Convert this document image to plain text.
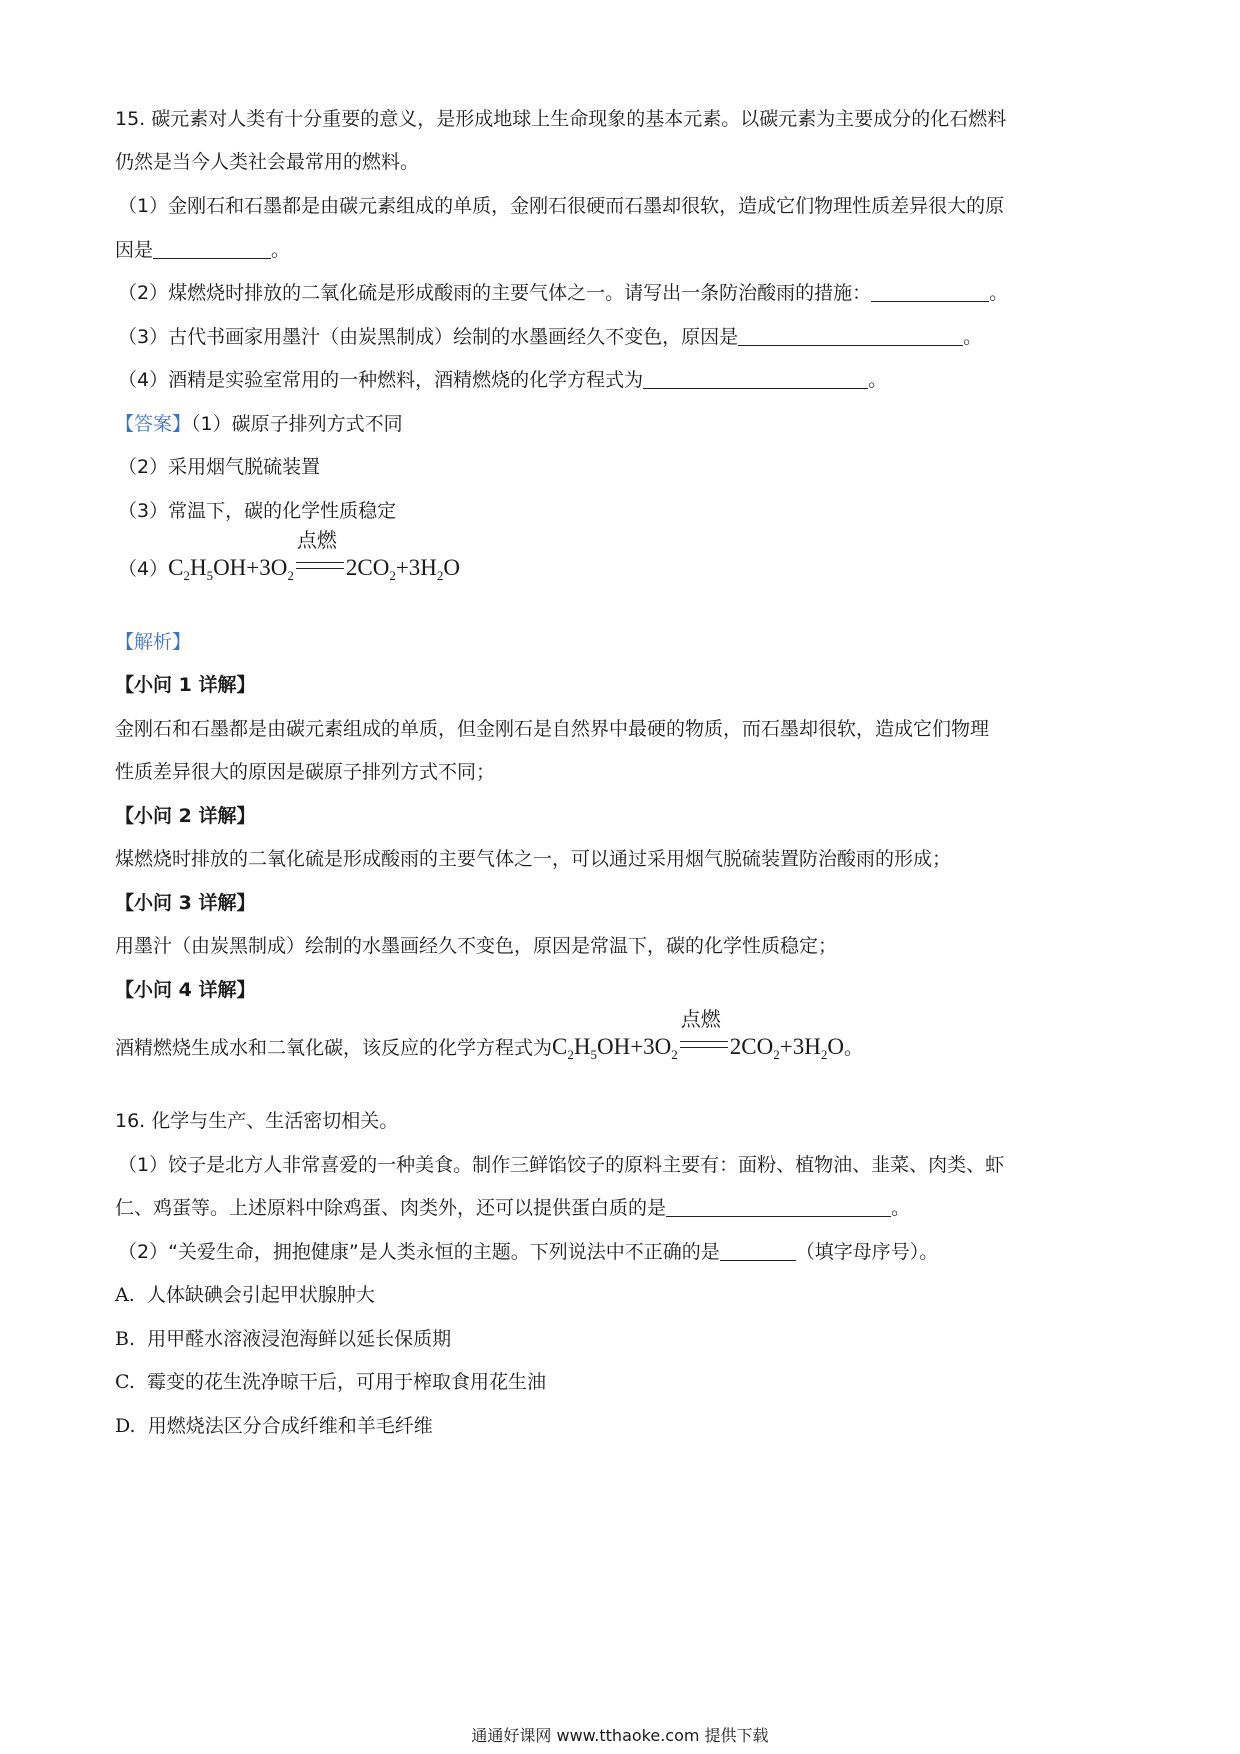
15. 碳元素对人类有十分重要的意义，是形成地球上生命现象的基本元素。以碳元素为主要成分的化石燃料
仍然是当今人类社会最常用的燃料。
（1）金刚石和石墨都是由碳元素组成的单质，金刚石很硬而石墨却很软，造成它们物理性质差异很大的原
因是	。
（2）煤燃烧时排放的二氧化硫是形成酸雨的主要气体之一。请写出一条防治酸雨的措施：	。
（3）古代书画家用墨汁（由炭黑制成）绘制的水墨画经久不变色，原因是	。
（4）酒精是实验室常用的一种燃料，酒精燃烧的化学方程式为	。
【答案】（1）碳原子排列方式不同
（2）采用烟气脱硫装置
（3）常温下，碳的化学性质稳定
$(4)C_2H_5OH+3O_2$
点燃
$2CO_2+3H_2O$
【解析】
【小问 1 详解】
金刚石和石墨都是由碳元素组成的单质，但金刚石是自然界中最硬的物质，而石墨却很软，造成它们物理
性质差异很大的原因是碳原子排列方式不同；
【小问 2 详解】
煤燃烧时排放的二氧化硫是形成酸雨的主要气体之一，可以通过采用烟气脱硫装置防治酸雨的形成；
【小问 3 详解】
用墨汁（由炭黑制成）绘制的水墨画经久不变色，原因是常温下，碳的化学性质稳定；
【小问 4 详解】
酒精燃烧生成水和二氧化碳，该反应的化学方程式为$C_2H_5OH+3O_2$
点燃
$2CO_2+3H_2O$。
16. 化学与生产、生活密切相关。
（1）饺子是北方人非常喜爱的一种美食。制作三鲜馅饺子的原料主要有：面粉、植物油、韭菜、肉类、虾
仁、鸡蛋等。上述原料中除鸡蛋、肉类外，还可以提供蛋白质的是	。
（2）“关爱生命，拥抱健康”是人类永恒的主题。下列说法中不正确的是	（填字母序号）。
A. 人体缺碘会引起甲状腺肿大
B. 用甲醛水溶液浸泡海鲜以延长保质期
C. 霉变的花生洗净晾干后，可用于榨取食用花生油
D. 用燃烧法区分合成纤维和羊毛纤维
通通好课网 www.tthaoke.com 提供下载
